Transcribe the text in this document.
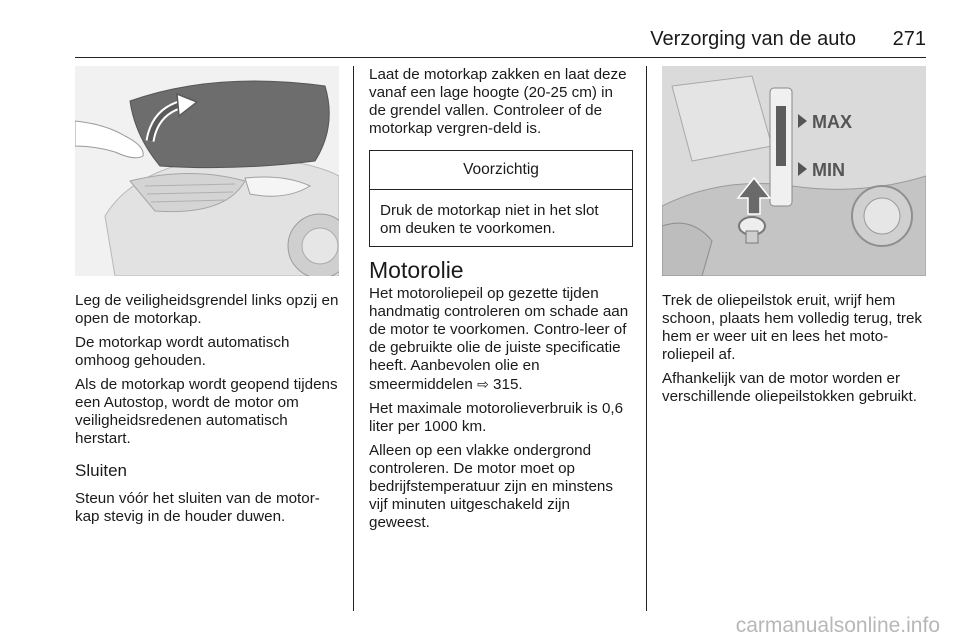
Verzorging van de auto 271

Leg de veiligheidsgrendel links opzij en open de motorkap.

De motorkap wordt automatisch omhoog gehouden.

Als de motorkap wordt geopend tijdens een Autostop, wordt de motor om veiligheidsredenen automatisch herstart.

Sluiten

Steun vóór het sluiten van de motor-kap stevig in de houder duwen.

Laat de motorkap zakken en laat deze vanaf een lage hoogte (20-25 cm) in de grendel vallen. Controleer of de motorkap vergren-deld is.

Voorzichtig
Druk de motorkap niet in het slot om deuken te voorkomen.
Motorolie

Het motoroliepeil op gezette tijden handmatig controleren om schade aan de motor te voorkomen. Contro-leer of de gebruikte olie de juiste specificatie heeft. Aanbevolen olie en smeermiddelen ⇨ 315.

Het maximale motorolieverbruik is 0,6 liter per 1000 km.

Alleen op een vlakke ondergrond controleren. De motor moet op bedrijfstemperatuur zijn en minstens vijf minuten uitgeschakeld zijn geweest.

MAX
MIN

Trek de oliepeilstok eruit, wrijf hem schoon, plaats hem volledig terug, trek hem er weer uit en lees het moto-roliepeil af.

Afhankelijk van de motor worden er verschillende oliepeilstokken gebruikt.

carmanualsonline.info
